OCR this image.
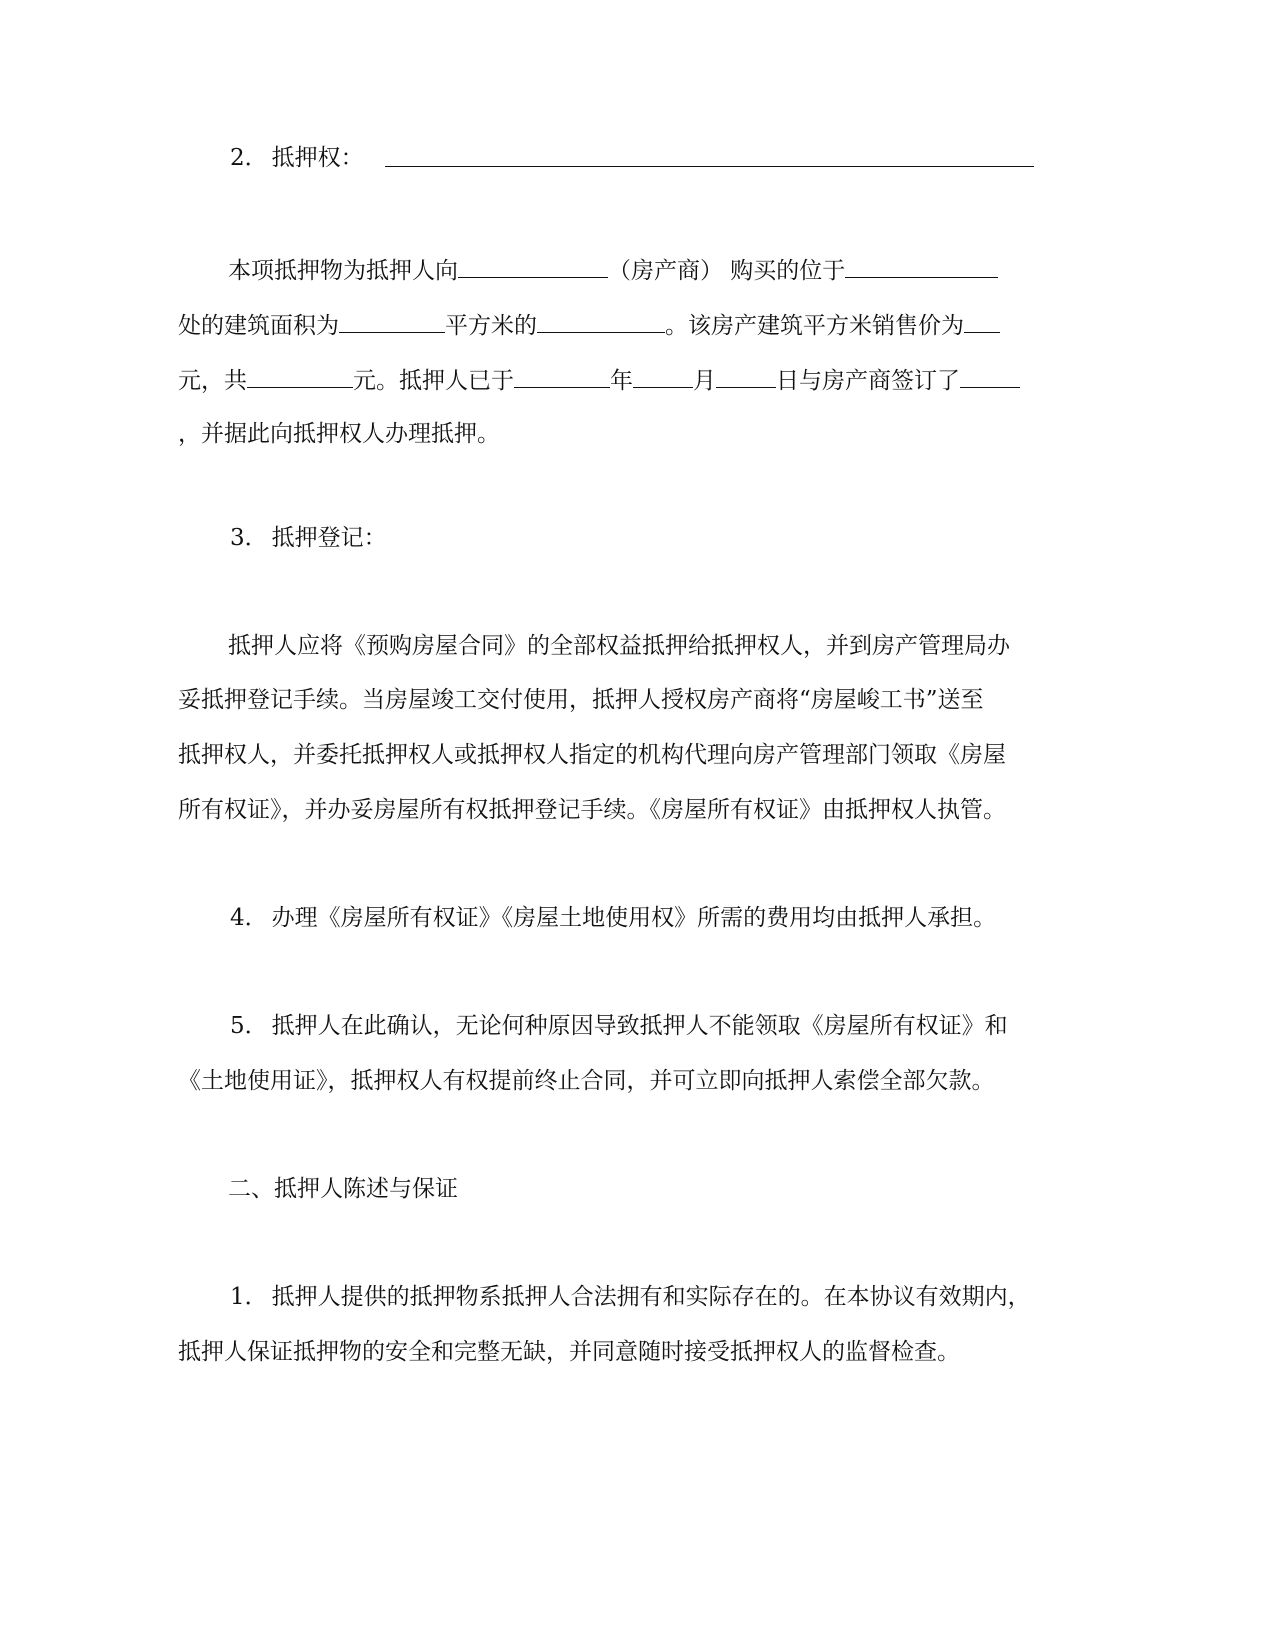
2． 抵押权：
本项抵押物为抵押人向	（房产商） 购买的位于
处的建筑面积为	平方米的	。该房产建筑平方米销售价为
元，共	元。抵押人已于	年	月	日与房产商签订了
，并据此向抵押权人办理抵押。
3． 抵押登记：
抵押人应将《预购房屋合同》的全部权益抵押给抵押权人，并到房产管理局办
妥抵押登记手续。当房屋竣工交付使用，抵押人授权房产商将“房屋峻工书”送至
抵押权人，并委托抵押权人或抵押权人指定的机构代理向房产管理部门领取《房屋
所有权证》，并办妥房屋所有权抵押登记手续。《房屋所有权证》由抵押权人执管。
4． 办理《房屋所有权证》《房屋土地使用权》所需的费用均由抵押人承担。
5． 抵押人在此确认，无论何种原因导致抵押人不能领取《房屋所有权证》和
《土地使用证》，抵押权人有权提前终止合同，并可立即向抵押人索偿全部欠款。
二、抵押人陈述与保证
1． 抵押人提供的抵押物系抵押人合法拥有和实际存在的。在本协议有效期内，
抵押人保证抵押物的安全和完整无缺，并同意随时接受抵押权人的监督检查。
